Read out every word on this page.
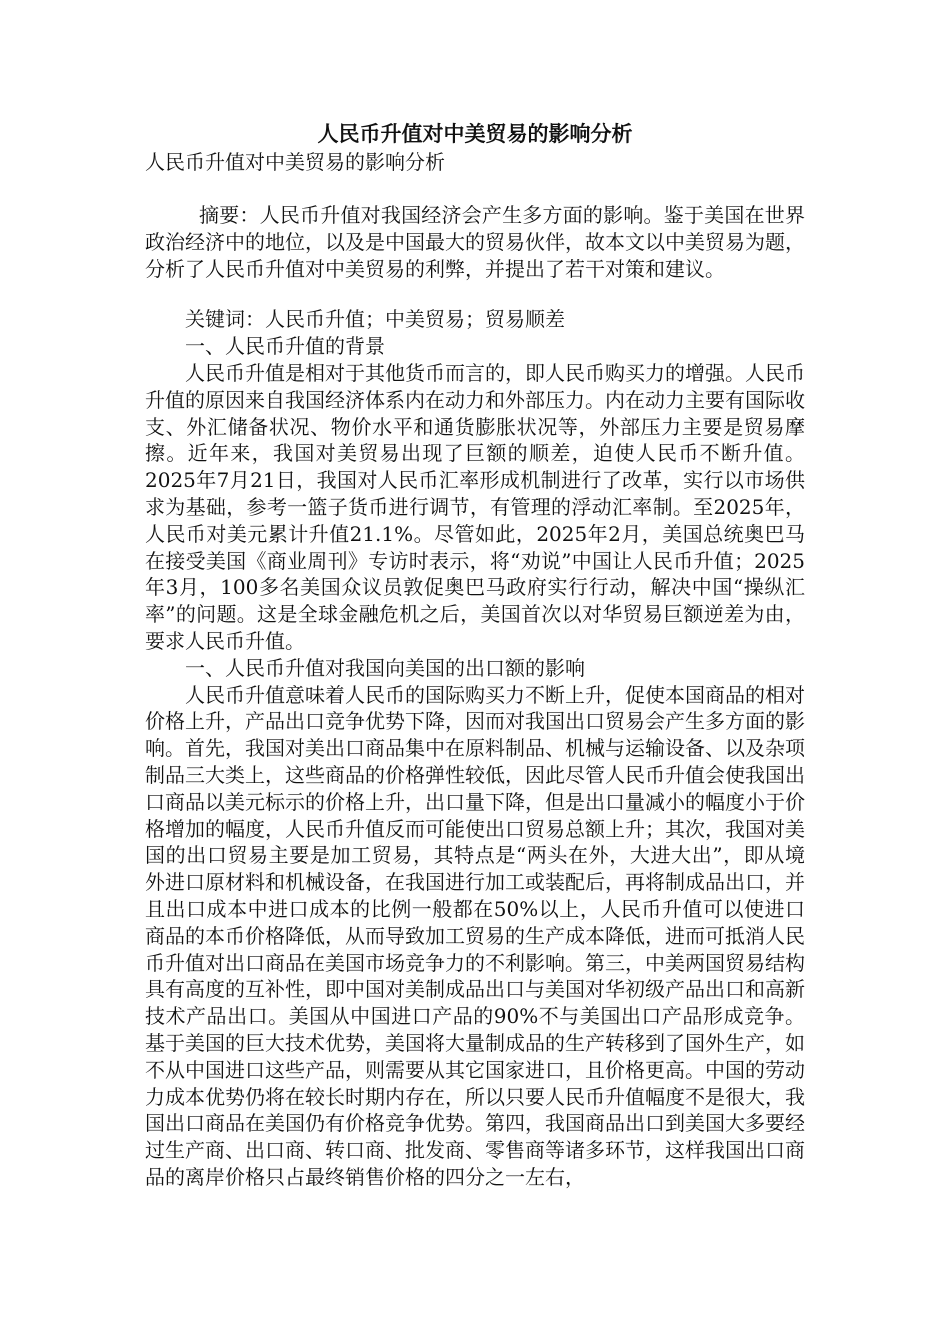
人民币升值对中美贸易的影响分析

人民币升值对中美贸易的影响分析

摘要：人民币升值对我国经济会产生多方面的影响。鉴于美国在世界政治经济中的地位，以及是中国最大的贸易伙伴，故本文以中美贸易为题，分析了人民币升值对中美贸易的利弊，并提出了若干对策和建议。

关键词：人民币升值；中美贸易；贸易顺差

一、人民币升值的背景

人民币升值是相对于其他货币而言的，即人民币购买力的增强。人民币升值的原因来自我国经济体系内在动力和外部压力。内在动力主要有国际收支、外汇储备状况、物价水平和通货膨胀状况等，外部压力主要是贸易摩擦。近年来，我国对美贸易出现了巨额的顺差，迫使人民币不断升值。2025年7月21日，我国对人民币汇率形成机制进行了改革，实行以市场供求为基础，参考一篮子货币进行调节，有管理的浮动汇率制。至2025年，人民币对美元累计升值21.1%。尽管如此，2025年2月，美国总统奥巴马在接受美国《商业周刊》专访时表示，将“劝说”中国让人民币升值；2025年3月，100多名美国众议员敦促奥巴马政府实行行动，解决中国“操纵汇率”的问题。这是全球金融危机之后，美国首次以对华贸易巨额逆差为由，要求人民币升值。

一、人民币升值对我国向美国的出口额的影响

人民币升值意味着人民币的国际购买力不断上升，促使本国商品的相对价格上升，产品出口竞争优势下降，因而对我国出口贸易会产生多方面的影响。首先，我国对美出口商品集中在原料制品、机械与运输设备、以及杂项制品三大类上，这些商品的价格弹性较低，因此尽管人民币升值会使我国出口商品以美元标示的价格上升，出口量下降，但是出口量减小的幅度小于价格增加的幅度，人民币升值反而可能使出口贸易总额上升；其次，我国对美国的出口贸易主要是加工贸易，其特点是“两头在外，大进大出”，即从境外进口原材料和机械设备，在我国进行加工或装配后，再将制成品出口，并且出口成本中进口成本的比例一般都在50%以上，人民币升值可以使进口商品的本币价格降低，从而导致加工贸易的生产成本降低，进而可抵消人民币升值对出口商品在美国市场竞争力的不利影响。第三，中美两国贸易结构具有高度的互补性，即中国对美制成品出口与美国对华初级产品出口和高新技术产品出口。美国从中国进口产品的90%不与美国出口产品形成竞争。基于美国的巨大技术优势，美国将大量制成品的生产转移到了国外生产，如不从中国进口这些产品，则需要从其它国家进口，且价格更高。中国的劳动力成本优势仍将在较长时期内存在，所以只要人民币升值幅度不是很大，我国出口商品在美国仍有价格竞争优势。第四，我国商品出口到美国大多要经过生产商、出口商、转口商、批发商、零售商等诸多环节，这样我国出口商品的离岸价格只占最终销售价格的四分之一左右，
